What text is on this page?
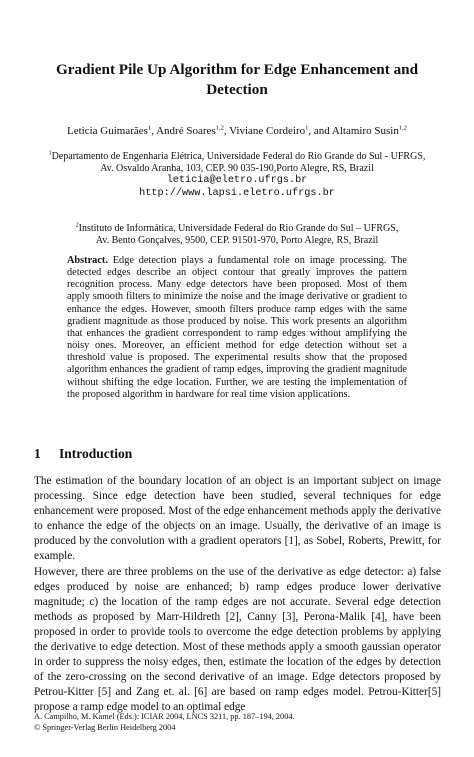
Gradient Pile Up Algorithm for Edge Enhancement and Detection
Leticia Guimarães$^1$, André Soares$^{1,2}$, Viviane Cordeiro$^1$, and Altamiro Susin$^{1,2}$
$^1$Departamento de Engenharia Elétrica, Universidade Federal do Rio Grande do Sul - UFRGS,
Av. Osvaldo Aranha, 103, CEP. 90 035-190,Porto Alegre, RS, Brazil
leticia@eletro.ufrgs.br
http://www.lapsi.eletro.ufrgs.br
$^2$Instituto de Informática, Universidade Federal do Rio Grande do Sul – UFRGS,
Av. Bento Gonçalves, 9500, CEP. 91501-970, Porto Alegre, RS, Brazil
Abstract. Edge detection plays a fundamental role on image processing. The detected edges describe an object contour that greatly improves the pattern recognition process. Many edge detectors have been proposed. Most of them apply smooth filters to minimize the noise and the image derivative or gradient to enhance the edges. However, smooth filters produce ramp edges with the same gradient magnitude as those produced by noise. This work presents an algorithm that enhances the gradient correspondent to ramp edges without amplifying the noisy ones. Moreover, an efficient method for edge detection without set a threshold value is proposed. The experimental results show that the proposed algorithm enhances the gradient of ramp edges, improving the gradient magnitude without shifting the edge location. Further, we are testing the implementation of the proposed algorithm in hardware for real time vision applications.
1 Introduction
The estimation of the boundary location of an object is an important subject on image processing. Since edge detection have been studied, several techniques for edge enhancement were proposed. Most of the edge enhancement methods apply the derivative to enhance the edge of the objects on an image. Usually, the derivative of an image is produced by the convolution with a gradient operators [1], as Sobel, Roberts, Prewitt, for example.
However, there are three problems on the use of the derivative as edge detector: a) false edges produced by noise are enhanced; b) ramp edges produce lower derivative magnitude; c) the location of the ramp edges are not accurate. Several edge detection methods as proposed by Marr-Hildreth [2], Canny [3], Perona-Malik [4], have been proposed in order to provide tools to overcome the edge detection problems by applying the derivative to edge detection. Most of these methods apply a smooth gaussian operator in order to suppress the noisy edges, then, estimate the location of the edges by detection of the zero-crossing on the second derivative of an image. Edge detectors proposed by Petrou-Kitter [5] and Zang et. al. [6] are based on ramp edges model. Petrou-Kitter[5] propose a ramp edge model to an optimal edge
A. Campilho, M. Kamel (Eds.): ICIAR 2004, LNCS 3211, pp. 187–194, 2004.
© Springer-Verlag Berlin Heidelberg 2004
